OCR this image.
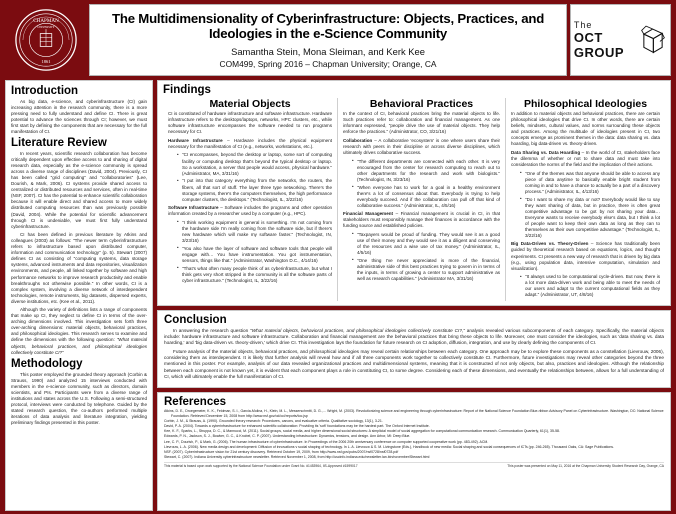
CHAPMAN
UNIVERSITY
1861
The Multidimensionality of Cyberinfrastructure: Objects, Practices, and Ideologies in the e-Science Community
Samantha Stein, Mona Sleiman, and Kerk Kee
COM499, Spring 2016 – Chapman University; Orange, CA
The
OCT GROUP
Introduction

As big data, e-science, and cyberinfrastructure (CI) gain increasing attention in the research community, there is a more pressing need to fully understand and define CI. There is great potential to advance the sciences through CI; however, we must first start by defining the components that are necessary for the full manifestation of CI.

Literature Review

In recent years, scientific research collaboration has become critically dependent upon effective access to and sharing of digital research data, especially as the e-science community is spread across a diverse range of disciplines (David, 2004). Previously, CI has been called "grid computing" and "collaboratories" (Lee, Dourish, & Mark, 2006). CI systems provide shared access to centralized or distributed resources and services, often in real-time (NSF, 2007). CI has the potential to enhance scientific collaboration because it will enable direct and shared access to more widely distributed computing resources than was previously possible (David, 2004). While the potential for scientific advancement through CI is undeniable, we must first fully understand cyberinfrastructure.

CI has been defined in previous literature by Atkins and colleagues (2003) as follows: "The newer term cyberinfrastructure refers to infrastructure based upon distributed computer, information and communication technology" (p. 5). Stewart (2007) defines CI as consisting of "computing systems, data storage systems, advanced instruments and data repositories, visualization environments, and people, all linked together by software and high performance networks to improve research productivity and enable breakthroughs not otherwise possible." In other words, CI is a complex system, involving a diverse network of interdependent technologies, remote instruments, big datasets, dispersed experts, diverse institutions, etc. (Kee et al., 2011).

Although the variety of definitions lists a range of components that make up CI, they neglect to define CI in terms of the over-arching dimensions involved. This investigation sets forth three over-arching dimensions: material objects, behavioral practices, and philosophical ideologies. This research serves to examine and define the dimensions with the following question: "What material objects, behavioral practices, and philosophical ideologies collectively constitute CI?"

Methodology

This poster employed the grounded theory approach (Corbin & Strauss, 1990) and analyzed 15 interviews conducted with members in the e-science community, such as directors, domain scientists, and PIs. Participants were from a diverse range of institutions and states across the U.S. Following a semi-structured protocol, interviews were conducted by telephone. Guided by the stated research question, the co-authors performed multiple iterations of data analysis and literature integration, yielding preliminary findings presented in this poster.

Findings
Material Objects

CI is constituted of hardware infrastructure and software infrastructure. Hardware infrastructure refers to the desktops/laptops, networks, HPC clusters, etc., while software infrastructure encompasses the software needed to run programs necessary for CI.

Hardware Infrastructure – Hardware includes the physical equipment necessary for the manifestation of CI (e.g., networks, workstations, etc.).

• "CI encompasses, beyond the desktop or laptop, some sort of computing facility or computing desktop that's beyond the typical desktop or laptop. So a workstation, a server that people would access, physical hardware." (Administrator, MA, 3/31/16)
• "I put into that category everything from the networks, the routers, the fibers, all that sort of stuff. The layer three type networking. There's the storage systems, there's the computers themselves, the high performance computer clusters, the desktops." (Technologist, IL, 3/22/16)

Software Infrastructure – Software includes the programs and other operation information created by a researcher used by a computer (e.g., HPC).

• "I think working equipment in general is something. I'm not coming from the hardware side I'm really coming from the software side, but if there's new hardware which will make my software faster." (Technologist, IN, 3/23/16)
• "You also have the layer of software and software tools that people will engage with… You have instrumentation. You got instrumentation, sensors, things like that." (Administrator, Washington D.C., 4/14/16)
• "That's what often many people think of as cyberinfrastructure, but what I think gets very short stripped in the community is all the software parts of cyber infrastructure." (Technologist, IL, 3/22/16)
Behavioral Practices

In the context of CI, behavioral practices bring the material objects to life. Such practices refer to: collaboration and financial management. As one informant expressed, "people drive the use of material objects. They help enforce the practices." (Administrator, CO, 3/21/16)

Collaboration – A collaborative 'ecosystem' is one where users share their research with peers in their discipline or across diverse disciplines, which ultimately drives collaborative success.

• "The different departments are connected with each other. It is very encouraged from the center for research computing to reach out to other departments for the research and work with biologists." (Technologist, IN, 3/23/16)
• "When everyone has to work for a goal in a healthy environment there's a lot of consensus about that. Everybody is trying to help everybody succeed. And if the collaboration can pull off that kind of collaborative success." (Administrator, IL, 4/5/16)

Financial Management – Financial management is crucial in CI, in that stakeholders must responsibly manage their finances in accordance with the funding source and established policies.

• "Taxpayers would be proud of funding. They would see it as a good use of their money and they would see it as a diligent and conserving of the resources and a wise use of tax money." (Administrator, IL, 4/5/16)
• "One thing I've never appreciated is more of the financial, administrative side of this best practices trying to govern in in terms of the inputs, in terms of growing a center to support administrative as well as research capabilities." (Administrator MA, 3/31/16)
Philosophical Ideologies

In addition to material objects and behavioral practices, there are certain philosophical ideologies that drive CI. In other words, there are certain beliefs, mindsets, cultural values, and norms surrounding these objects and practices. Among the multitude of ideologies present in CI, two concepts emerge as prominent themes in the data: data sharing vs. data hoarding, big data-driven vs. theory-driven.

Data Sharing vs. Data Hoarding – In the world of CI, stakeholders face the dilemma of whether or not to share data and must take into consideration the norms of the field and the implication of their actions.

• "One of the themes was that anyone should be able to access any piece of data anytime to basically enable bright student from coming in and to have a chance to actually be a part of a discovery process." (Administrator, IL, 4/13/16)
• "Do I want to share my data or not? Everybody would like to say they want sharing of data, but in practice, there is often great competitive advantage to be got by not sharing your data…Everyone wants to receive everybody else's data, but I think a lot of people want to keep their own data as long as they can to themselves as their own competitive advantage." (Technologist, IL, 3/22/16)

Big Data-Driven vs. Theory-Driven – Science has traditionally been guided by theoretical research based on equations, logics, and thought experiments. CI presents a new way of research that is driven by big data (e.g., using population data, intensive computation, simulation and visualization).

• "It always used to be computational cycle-driven. But now, there is a lot more data-driven work and being able to meet the needs of our users and adapt to the current computational fields as they adapt." (Administrator, UT, 4/8/16)
Conclusion

In answering the research question "What material objects, behavioral practices, and philosophical ideologies collectively constitute CI?," analysis revealed various subcomponents of each category. Specifically, the material objects include: hardware infrastructure and software infrastructure. Collaboration and financial management are the behavioral practices that bring these objects to life. Moreover, one must consider the ideologies, such as 'data sharing vs. data hoarding,' and 'big data-driven vs. theory-driven,' which drive CI. This investigation lays the foundation for future research on CI adoption, diffusion, integration, and use by clearly defining the components of CI.

Future analysis of the material objects, behavioral practices, and philosophical ideologies may reveal certain relationships between each category. One approach may be to explore these components as a constellation (Lievrouw, 2006), considering them as interdependent. It is likely that further analysis will reveal how and if all three components work together to collectively constitute CI. Furthermore, future investigations may reveal other categories beyond the three mentioned in this poster. For example, analysis of our data revealed organizational practices and multidimensional systems, meaning that it is constructed of not only objects, but also, practices and ideologies. Although the relationship between each component is not known yet, it is evident that each component plays a role in constituting CI, to some degree. Considering each of these dimensions, and eventually the relationships between, allows for a full understanding of CI, which will ultimately enable the full manifestation of CI.

References

Atkins, D. E., Droegemeier, K. K., Feldman, S. I., Garcia-Molina, H., Klein, M. L., Messerschmitt, D. G.,… Wright, M. (2003). Revolutionizing science and engineering through cyberinfrastructure: Report of the National Science Foundation Blue-ribbon Advisory Panel on Cyberinfrastructure. Washington, DC: National Science Foundation. Retrieved December 15, 2008 from http://www.nsf.gov/od/oci/reports/toc.jsp

Corbin, J. M., & Strauss, A. (1990). Grounded theory research: Procedures, canons, and evaluative criteria. Qualitative sociology, 13(1), 3-21.

David, P. A. (2004). Towards a cyberinfrastructure for enhanced scientific collaboration: Providing its 'soft' foundations may be the hardest part. The Oxford Internet Institute.

Kee, K. F., Sparks, L., Struppa, D. C., & Mannucci, M. (2011). Social groups, social media, and higher dimensional social structures: A simplicial model of social aggregation for computational communication research. Communication Quarterly, 61(1), 35-58.

Edwards, P. N., Jackson, S. J., Bowker, G. C., & Knobel, C. P. (2007). Understanding infrastructure: Dynamics, tensions, and design. Ann Arbor, MI: Deep Blue.

Lee, C. P., Dourish, P., & Mark, G. (2006). The human infrastructure of cyberinfrastructure. In Proceedings of the 2006 20th anniversary conference on computer supported cooperative work (pp. 483-492). ACM.

Lievrouw, L. A. (2006). New media design and development: Diffusion of innovations v social shaping of technology. In L. A. Lievrouw & S. M. Livingstone (Eds.), Handbook of new media: Social shaping and social consequences of ICTs (pp. 246-265). Thousand Oaks, CA: Sage Publications.

NSF. (2007). Cyberinfrastructure vision for 21st century discovery. Retrieved October 19, 2009, from http://www.nsf.gov/pubs/2007/nsf0728/nsf0728.pdf

Stewart, C. (2007). Indiana University cyberinfrastructure newsletter. Retrieved November 1, 2008, from http://uscinfo.indiana.edu/newsletter.lan.bin/november/Stewart.html

This material is based upon work supported by the National Science Foundation under Grant No. #1453964, IIS-Approved #1599017	This poster was presented on May 11, 2016 at the Chapman University Student Research Day, Orange, CA
